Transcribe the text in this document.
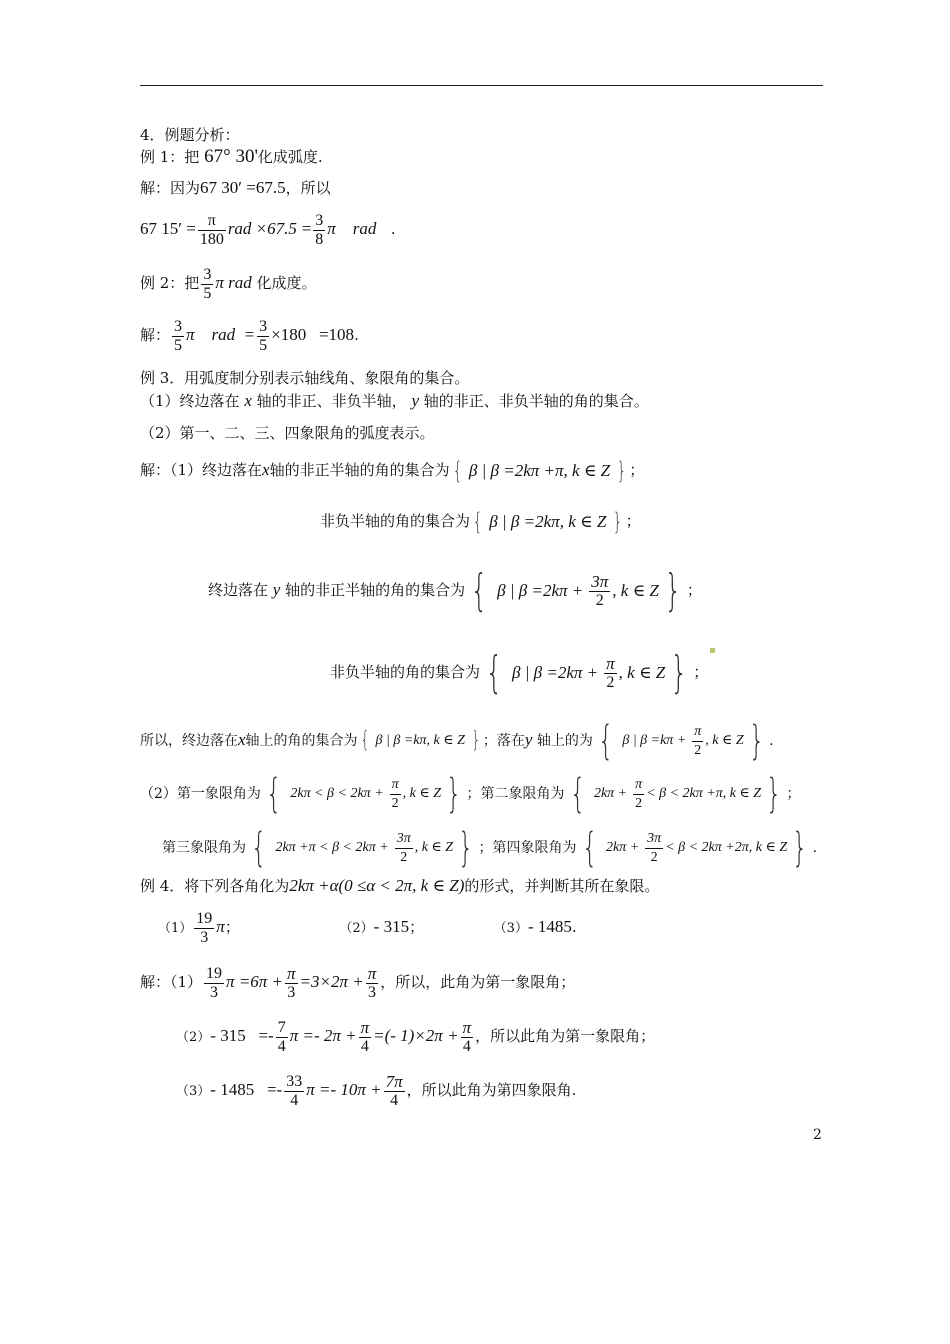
4．例题分析：
例 1：把 67° 30'化成弧度.
解：因为67 30′ =67.5，所以
67 $15' = \frac{\pi}{180}$ rad $\times 67.5 = \frac{3}{8}$ π    rad .
例 2：把 $\frac{3}{5}$ π rad 化成度。
解： $\frac{3}{5}$ π    rad  = $\frac{3}{5} \times 180 =108$.
例 3．用弧度制分别表示轴线角、象限角的集合。
（1）终边落在 x 轴的非正、非负半轴， y 轴的非正、非负半轴的角的集合。
（2）第一、二、三、四象限角的弧度表示。
解：（1）终边落在x轴的非正半轴的角的集合为 { β | β =2kπ +π, k ∈ Z } ；
非负半轴的角的集合为 { β | β =2kπ, k ∈ Z } ；
终边落在 y 轴的非正半轴的角的集合为 { β | $\beta =2k\pi + \frac{3\pi}{2}$ , k ∈ Z } ；
非负半轴的角的集合为 { β | $\beta =2k\pi + \frac{\pi}{2}$ , k ∈ Z } ；
所以，终边落在x轴上的角的集合为 { β | β =kπ, k ∈ Z } ；落在y 轴上的为 { β | $\beta =k\pi + \frac{\pi}{2}$ , k ∈ Z } .
（2）第一象限角为 { $2k\pi < \beta < 2k\pi + \frac{\pi}{2}$ , k ∈ Z } ；第二象限角为 { $2k\pi + \frac{\pi}{2} < \beta < 2k\pi +\pi$, k ∈ Z } ；
第三象限角为 { $2k\pi +\pi < \beta < 2k\pi + \frac{3\pi}{2}$ , k ∈ Z } ；第四象限角为 { $2k\pi + \frac{3\pi}{2} < \beta < 2k\pi +2\pi$, k ∈ Z } .
例 4．将下列各角化为2kπ +α(0 ≤α < 2π, k ∈ Z)的形式，并判断其所在象限。
$(1) \frac{19}{3}$ π；	（2）- 315；	（3）- 1485.
解：$(1) \frac{19}{3}$ $\pi =6\pi + \frac{\pi}{3} =3\times 2\pi + \frac{\pi}{3}$ ，所以，此角为第一象限角；
（2）- $315 =- \frac{7}{4}$ $\pi =- 2\pi + \frac{\pi}{4}$ =(- $1)\times 2\pi + \frac{\pi}{4}$ ，所以此角为第一象限角；
（3）- $1485 =- \frac{33}{4}$ $\pi =- 10\pi + \frac{7\pi}{4}$ ，所以此角为第四象限角.
2
